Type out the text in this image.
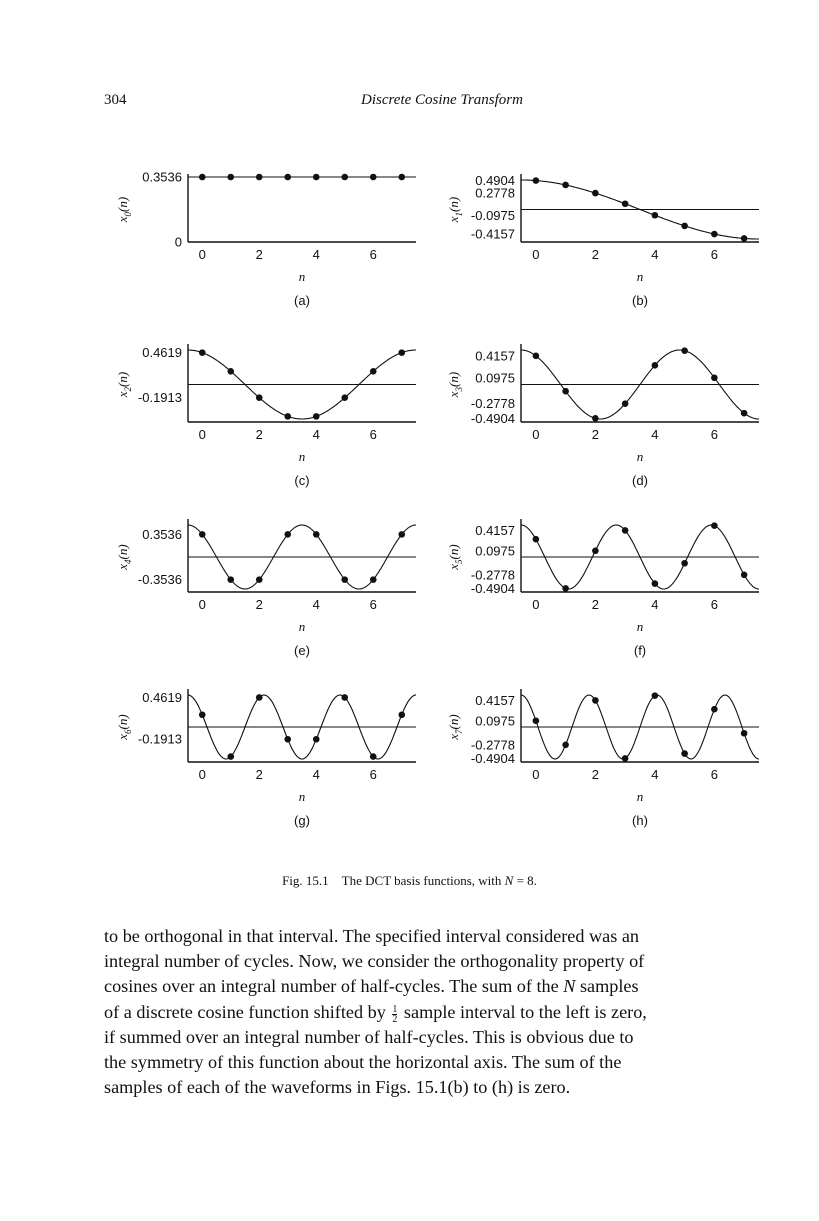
304	Discrete Cosine Transform
0.3536
0
0	2	4	6
n
(a)
$x_0(n)$
0.4904
0.2778
-0.0975
-0.4157
0	2	4	6
n
(b)
$x_1(n)$
0.4619
-0.1913
0	2	4	6
n
(c)
$x_2(n)$
0.4157
0.0975
-0.2778
-0.4904
0	2	4	6
n
(d)
$x_3(n)$
0.3536
-0.3536
0	2	4	6
n
(e)
$x_4(n)$
0.4157
0.0975
-0.2778
-0.4904
0	2	4	6
n
(f)
$x_5(n)$
0.4619
-0.1913
0	2	4	6
n
(g)
$x_6(n)$
0.4157
0.0975
-0.2778
-0.4904
0	2	4	6
n
(h)
$x_7(n)$
Fig. 15.1 The DCT basis functions, with N = 8.

to be orthogonal in that interval. The specified interval considered was an

integral number of cycles. Now, we consider the orthogonality property of

cosines over an integral number of half-cycles. The sum of the N samples

of a discrete cosine function shifted by $\frac{1}{2}$ sample interval to the left is zero,

if summed over an integral number of half-cycles. This is obvious due to

the symmetry of this function about the horizontal axis. The sum of the

samples of each of the waveforms in Figs. 15.1(b) to (h) is zero.
